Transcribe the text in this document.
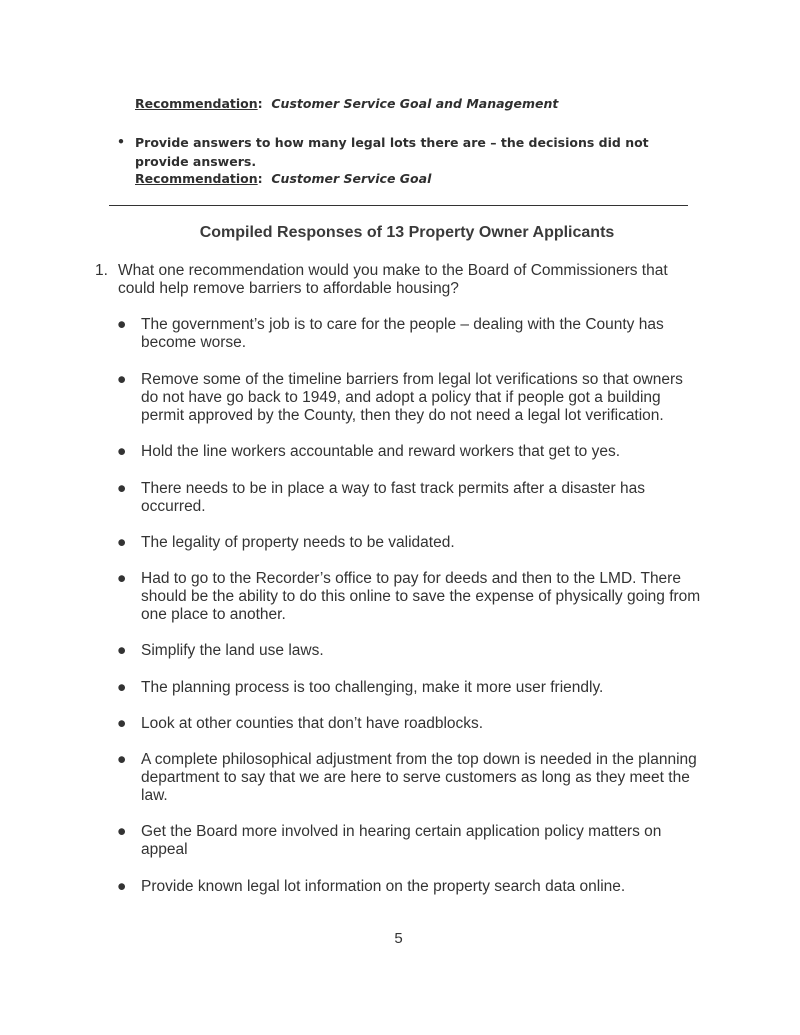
Recommendation: Customer Service Goal and Management
• Provide answers to how many legal lots there are – the decisions did not provide answers.
Recommendation: Customer Service Goal
Compiled Responses of 13 Property Owner Applicants
1. What one recommendation would you make to the Board of Commissioners that could help remove barriers to affordable housing?
● The government’s job is to care for the people – dealing with the County has become worse.
● Remove some of the timeline barriers from legal lot verifications so that owners do not have go back to 1949, and adopt a policy that if people got a building permit approved by the County, then they do not need a legal lot verification.
● Hold the line workers accountable and reward workers that get to yes.
● There needs to be in place a way to fast track permits after a disaster has occurred.
● The legality of property needs to be validated.
● Had to go to the Recorder’s office to pay for deeds and then to the LMD. There should be the ability to do this online to save the expense of physically going from one place to another.
● Simplify the land use laws.
● The planning process is too challenging, make it more user friendly.
● Look at other counties that don’t have roadblocks.
● A complete philosophical adjustment from the top down is needed in the planning department to say that we are here to serve customers as long as they meet the law.
● Get the Board more involved in hearing certain application policy matters on appeal
● Provide known legal lot information on the property search data online.
5
